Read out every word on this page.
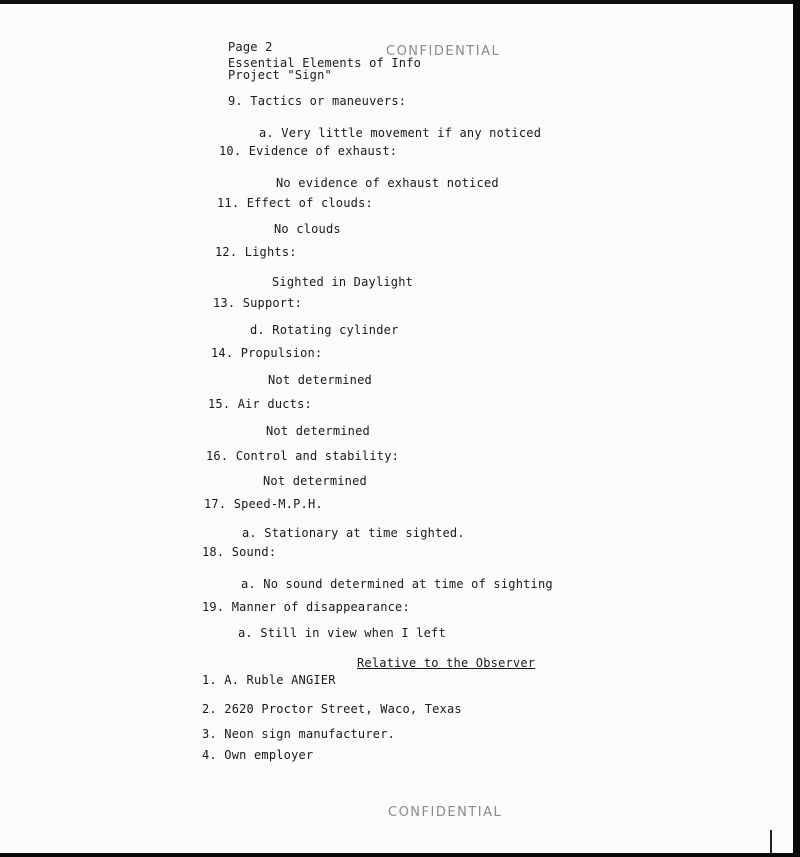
CONFIDENTIAL
Page 2
Essential Elements of Info
Project "Sign"
9. Tactics or maneuvers:
a. Very little movement if any noticed
10. Evidence of exhaust:
No evidence of exhaust noticed
11. Effect of clouds:
No clouds
12. Lights:
Sighted in Daylight
13. Support:
d. Rotating cylinder
14. Propulsion:
Not determined
15. Air ducts:
Not determined
16. Control and stability:
Not determined
17. Speed-M.P.H.
a. Stationary at time sighted.
18. Sound:
a. No sound determined at time of sighting
19. Manner of disappearance:
a. Still in view when I left
Relative to the Observer
1. A. Ruble ANGIER
2. 2620 Proctor Street, Waco, Texas
3. Neon sign manufacturer.
4. Own employer
CONFIDENTIAL
